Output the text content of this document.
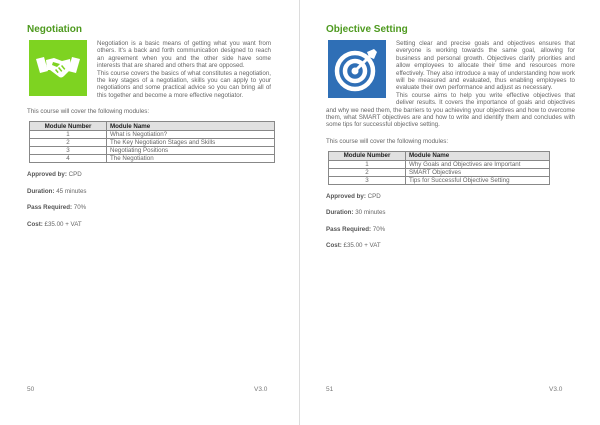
Negotiation

Negotiation is a basic means of getting what you want from others. It's a back and forth communication designed to reach an agreement when you and the other side have some interests that are shared and others that are opposed.

This course covers the basics of what constitutes a negotiation, the key stages of a negotiation, skills you can apply to your negotiations and some practical advice so you can bring all of this together and become a more effective negotiator.

This course will cover the following modules:
Module Number	Module Name
1	What is Negotiation?
2	The Key Negotiation Stages and Skills
3	Negotiating Positions
4	The Negotiation

Approved by: CPD

Duration: 45 minutes

Pass Required: 70%

Cost: £35.00 + VAT

50	V3.0
Objective Setting

Setting clear and precise goals and objectives ensures that everyone is working towards the same goal, allowing for business and personal growth. Objectives clarify priorities and allow employees to allocate their time and resources more effectively. They also introduce a way of understanding how work will be measured and evaluated, thus enabling employees to evaluate their own performance and adjust as necessary.

This course aims to help you write effective objectives that deliver results. It covers the importance of goals and objectives and why we need them, the barriers to you achieving your objectives and how to overcome them, what SMART objectives are and how to write and identify them and concludes with some tips for successful objective setting.

This course will cover the following modules:
Module Number	Module Name
1	Why Goals and Objectives are Important
2	SMART Objectives
3	Tips for Successful Objective Setting

Approved by: CPD

Duration: 30 minutes

Pass Required: 70%

Cost: £35.00 + VAT

51	V3.0
